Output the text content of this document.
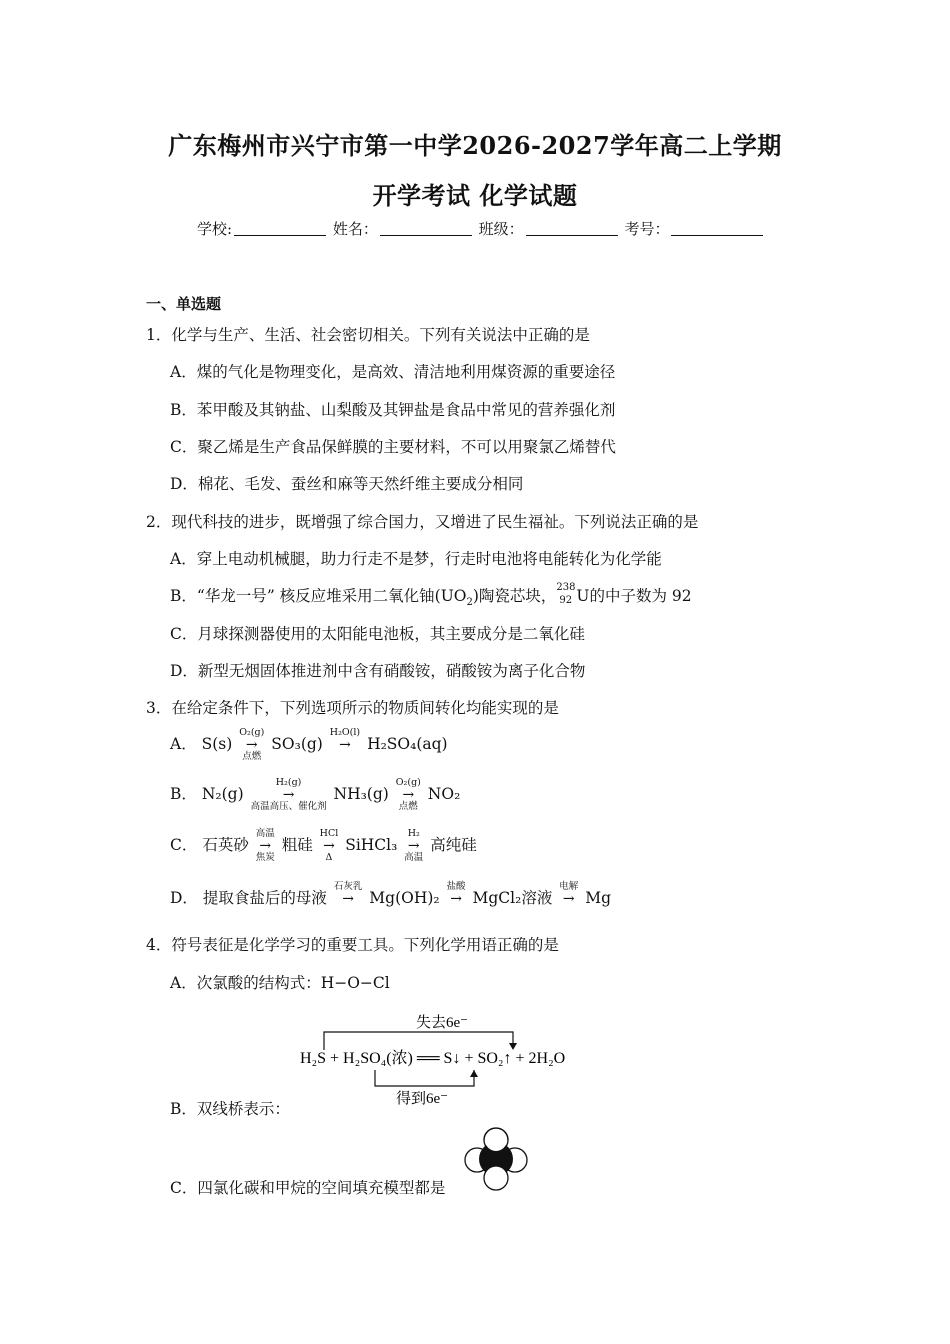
广东梅州市兴宁市第一中学2026-2027学年高二上学期
开学考试 化学试题
学校:	姓名：	班级：	考号：
一、单选题
1．化学与生产、生活、社会密切相关。下列有关说法中正确的是
A．煤的气化是物理变化，是高效、清洁地利用煤资源的重要途径
B．苯甲酸及其钠盐、山梨酸及其钾盐是食品中常见的营养强化剂
C．聚乙烯是生产食品保鲜膜的主要材料，不可以用聚氯乙烯替代
D．棉花、毛发、蚕丝和麻等天然纤维主要成分相同
2．现代科技的进步，既增强了综合国力，又增进了民生福祉。下列说法正确的是
A．穿上电动机械腿，助力行走不是梦，行走时电池将电能转化为化学能
B．“华龙一号” 核反应堆采用二氧化铀$(UO_2)$陶瓷芯块， 238
92 U的中子数为 92
C．月球探测器使用的太阳能电池板，其主要成分是二氧化硅
D．新型无烟固体推进剂中含有硝酸铵，硝酸铵为离子化合物
3．在给定条件下，下列选项所示的物质间转化均能实现的是
A． S(s)
O₂(g)
→
点燃
SO₃(g)
H₂O(l)
→	H₂SO₄(aq)
B． N₂(g)
H₂(g)
→
高温高压、催化剂
NH₃(g)
O₂(g)
→
点燃
NO₂
C． 石英砂
高温
→
焦炭
粗硅
HCl
→
Δ
SiHCl₃
H₂
→
高温
高纯硅
D． 提取食盐后的母液
石灰乳
→ Mg(OH)₂
盐酸
→ MgCl₂溶液
电解
→ Mg
4．符号表征是化学学习的重要工具。下列化学用语正确的是
A．次氯酸的结构式：H−O−Cl
失去6e⁻
H₂S + H₂SO₄(浓) ══ S↓ + SO₂↑ + 2H₂O
得到6e⁻
B．双线桥表示：
C．四氯化碳和甲烷的空间填充模型都是
